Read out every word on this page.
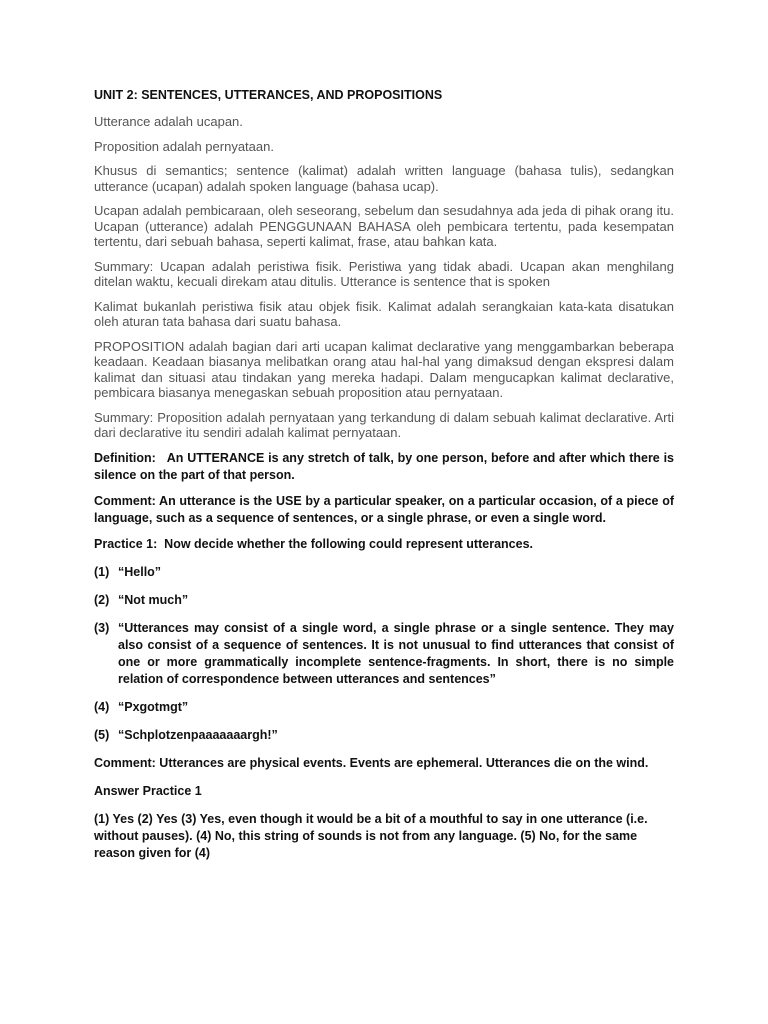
UNIT 2: SENTENCES, UTTERANCES, AND PROPOSITIONS

Utterance adalah ucapan.

Proposition adalah pernyataan.

Khusus di semantics; sentence (kalimat) adalah written language (bahasa tulis), sedangkan utterance (ucapan) adalah spoken language (bahasa ucap).

Ucapan adalah pembicaraan, oleh seseorang, sebelum dan sesudahnya ada jeda di pihak orang itu. Ucapan (utterance) adalah PENGGUNAAN BAHASA oleh pembicara tertentu, pada kesempatan tertentu, dari sebuah bahasa, seperti kalimat, frase, atau bahkan kata.

Summary: Ucapan adalah peristiwa fisik. Peristiwa yang tidak abadi. Ucapan akan menghilang ditelan waktu, kecuali direkam atau ditulis. Utterance is sentence that is spoken

Kalimat bukanlah peristiwa fisik atau objek fisik. Kalimat adalah serangkaian kata-kata disatukan oleh aturan tata bahasa dari suatu bahasa.

PROPOSITION adalah bagian dari arti ucapan kalimat declarative yang menggambarkan beberapa keadaan. Keadaan biasanya melibatkan orang atau hal-hal yang dimaksud dengan ekspresi dalam kalimat dan situasi atau tindakan yang mereka hadapi. Dalam mengucapkan kalimat declarative, pembicara biasanya menegaskan sebuah proposition atau pernyataan.

Summary: Proposition adalah pernyataan yang terkandung di dalam sebuah kalimat declarative. Arti dari declarative itu sendiri adalah kalimat pernyataan.

Definition:   An UTTERANCE is any stretch of talk, by one person, before and after which there is silence on the part of that person.

Comment: An utterance is the USE by a particular speaker, on a particular occasion, of a piece of language, such as a sequence of sentences, or a single phrase, or even a single word.

Practice 1:  Now decide whether the following could represent utterances.

(1) “Hello”
(2) “Not much”
(3) “Utterances may consist of a single word, a single phrase or a single sentence. They may also consist of a sequence of sentences. It is not unusual to find utterances that consist of one or more grammatically incomplete sentence-fragments. In short, there is no simple relation of correspondence between utterances and sentences”
(4) “Pxgotmgt”
(5) “Schplotzenpaaaaaaargh!”

Comment: Utterances are physical events. Events are ephemeral. Utterances die on the wind.

Answer Practice 1

(1) Yes (2) Yes (3) Yes, even though it would be a bit of a mouthful to say in one utterance (i.e. without pauses). (4) No, this string of sounds is not from any language. (5) No, for the same reason given for (4)
